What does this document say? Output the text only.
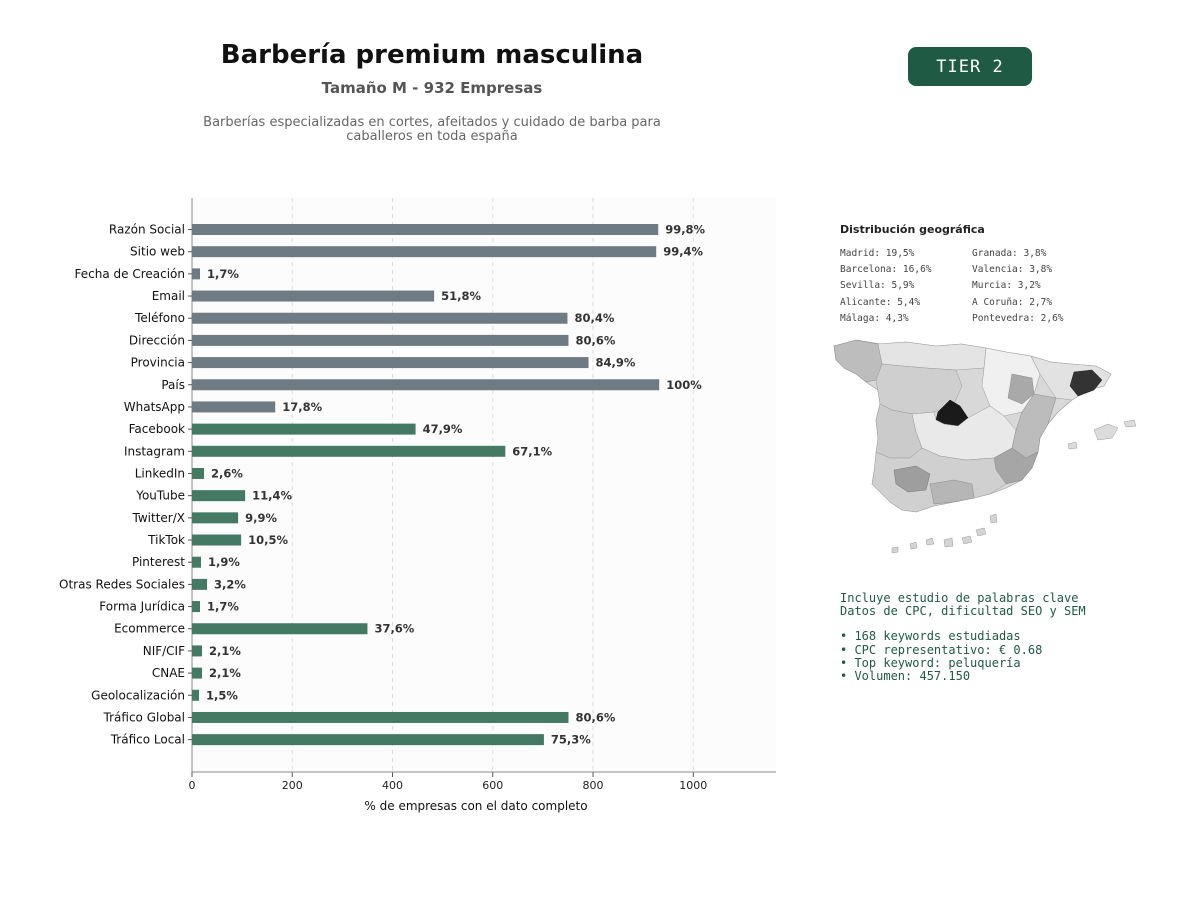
Barbería premium masculina
Tamaño M - 932 Empresas
Barberías especializadas en cortes, afeitados y cuidado de barba para
caballeros en toda españa
TIER 2
0	200	400	600	800	1000
Razón Social	99,8%
Sitio web	99,4%
Fecha de Creación 1,7%
Email	51,8%
Teléfono	80,4%
Dirección	80,6%
Provincia	84,9%
País	100%
WhatsApp	17,8%
Facebook	47,9%
Instagram	67,1%
LinkedIn 2,6%
YouTube	11,4%
Twitter/X	9,9%
TikTok	10,5%
Pinterest 1,9%
Otras Redes Sociales	3,2%
Forma Jurídica 1,7%
Ecommerce	37,6%
NIF/CIF 2,1%
CNAE 2,1%
Geolocalización 1,5%
Tráfico Global	80,6%
Tráfico Local	75,3%
% de empresas con el dato completo
Distribución geográfica
Madrid: 19,5%	Granada: 3,8%
Barcelona: 16,6%	Valencia: 3,8%
Sevilla: 5,9%	Murcia: 3,2%
Alicante: 5,4%	A Coruña: 2,7%
Málaga: 4,3%	Pontevedra: 2,6%
Incluye estudio de palabras clave
Datos de CPC, dificultad SEO y SEM
• 168 keywords estudiadas
• CPC representativo: € 0.68
• Top keyword: peluquería
• Volumen: 457.150
